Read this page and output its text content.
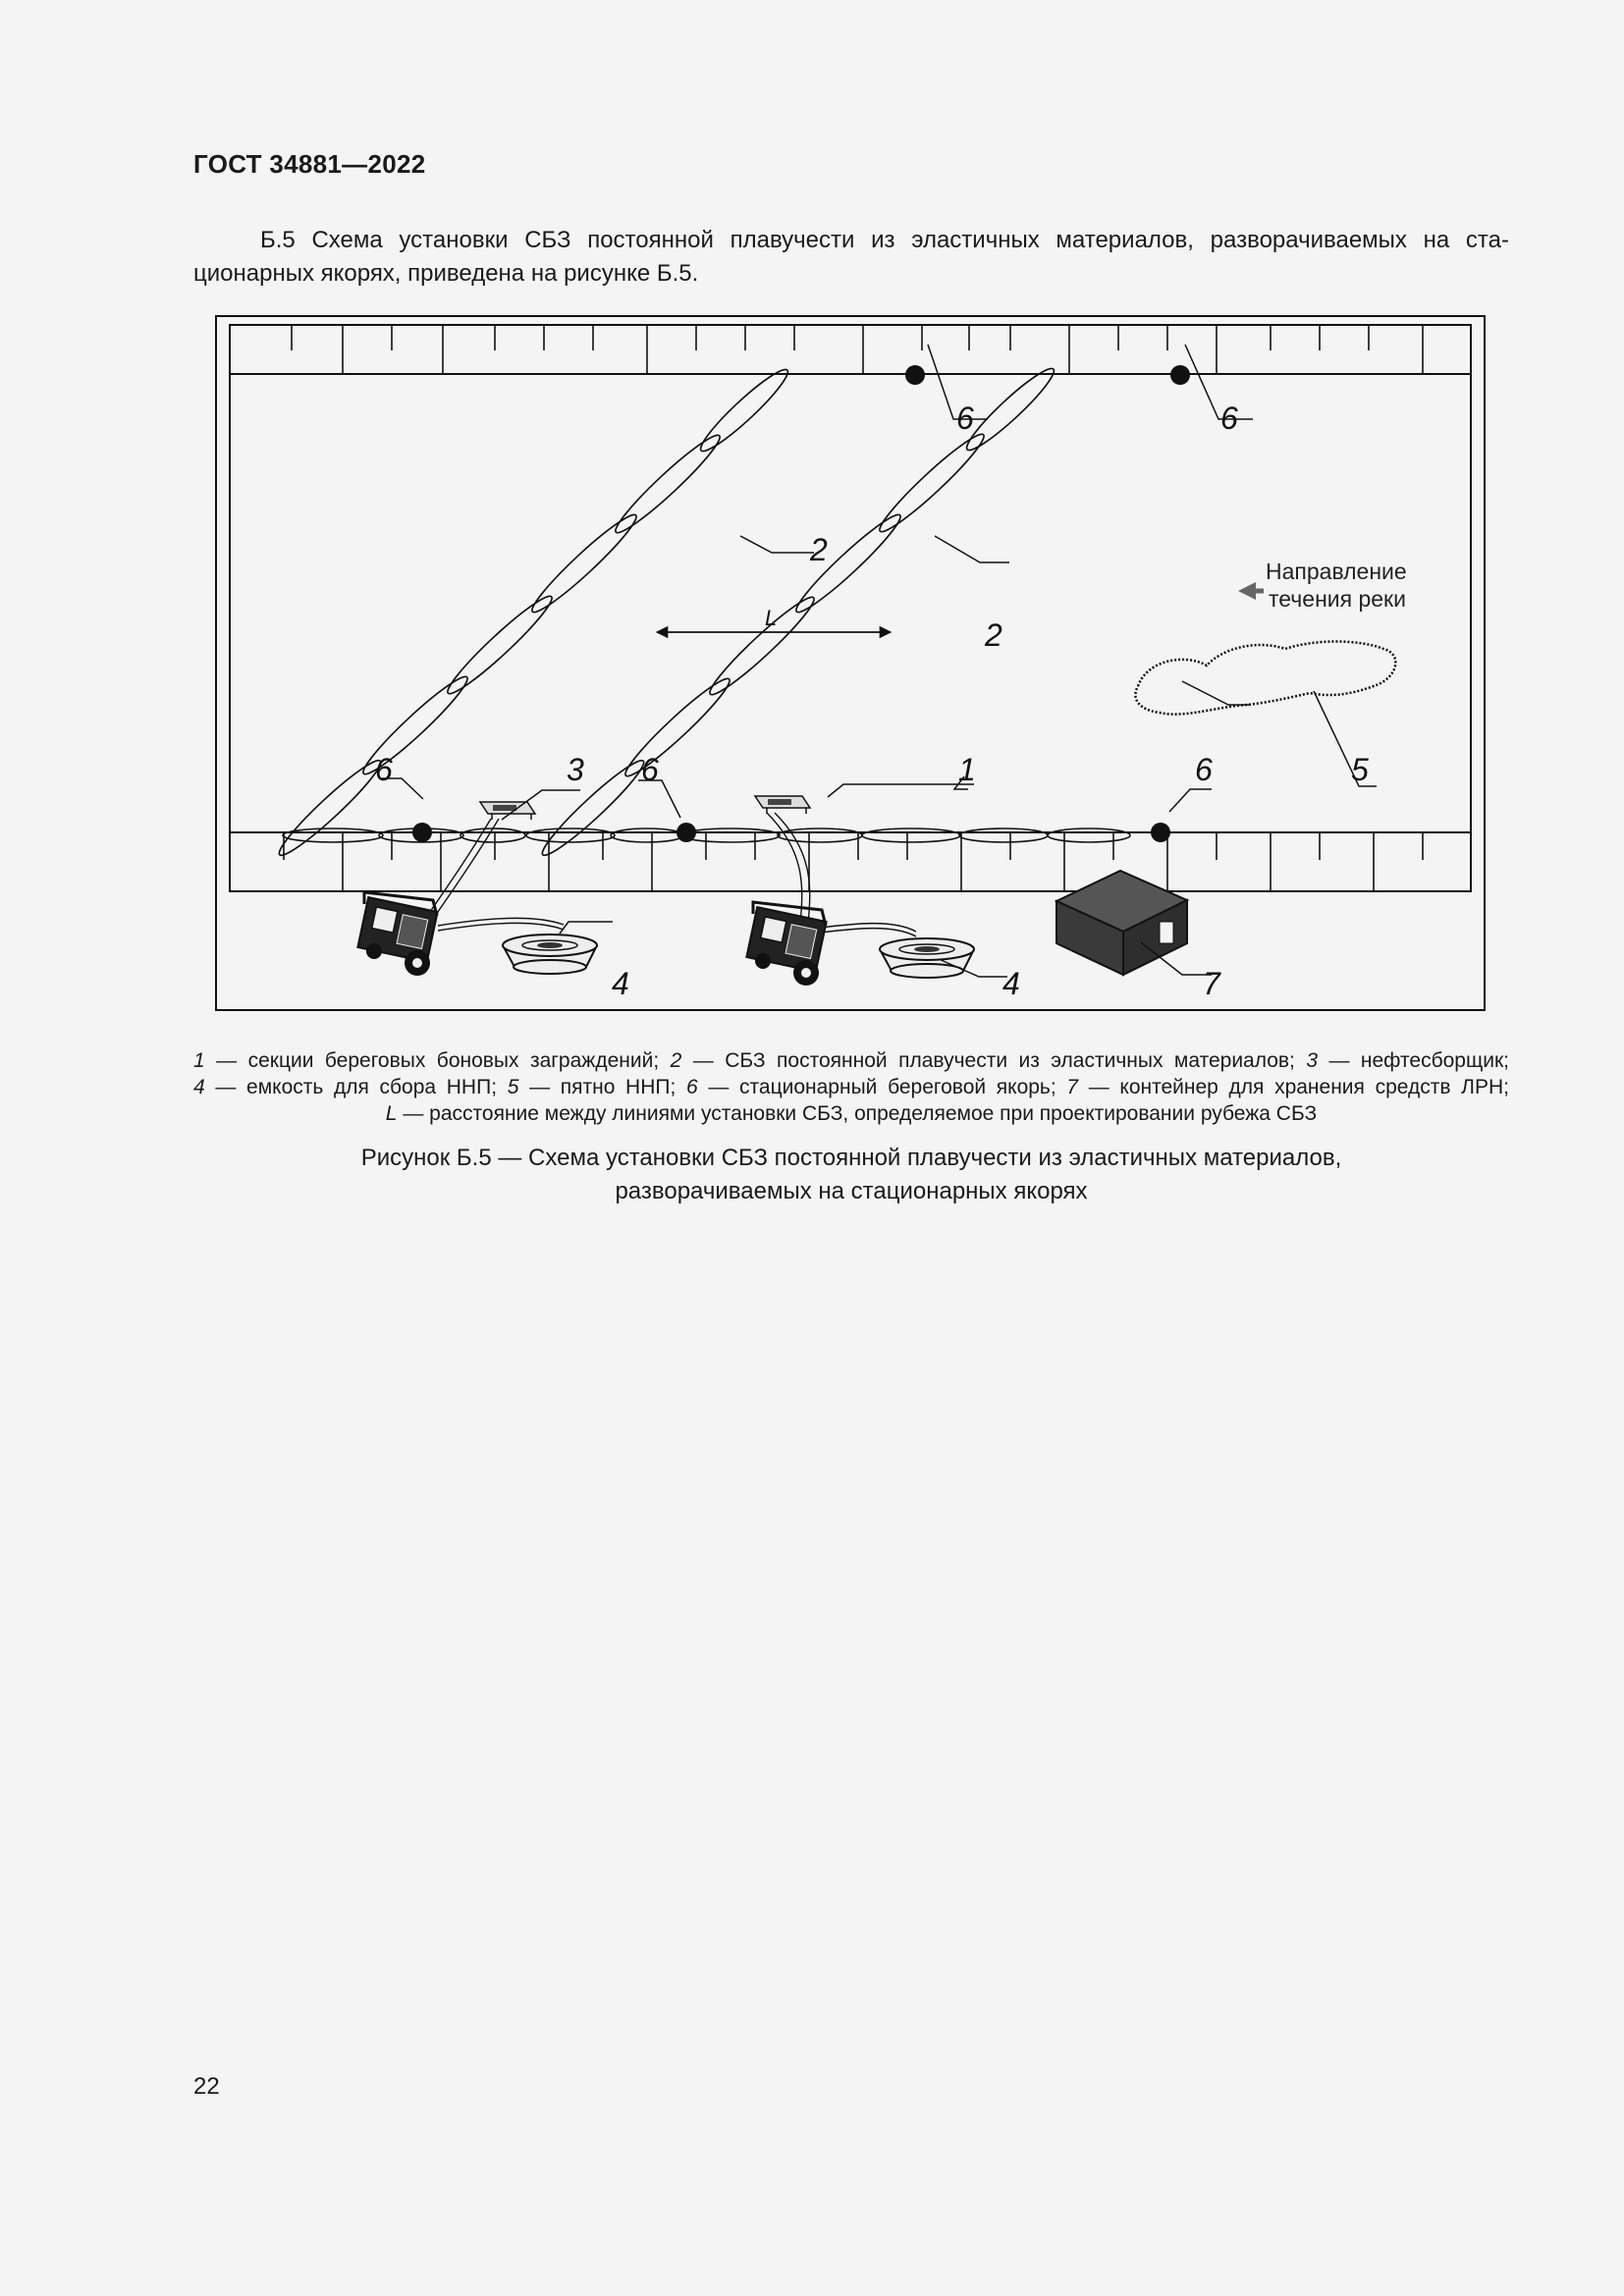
ГОСТ 34881—2022
Б.5 Схема установки СБЗ постоянной плавучести из эластичных материалов, разворачиваемых на ста-
ционарных якорях, приведена на рисунке Б.5.
6	3 6	1	6
6	6
2
2
5
4	4	7
L
Направление
течения реки
1 — секции береговых боновых заграждений; 2 — СБЗ постоянной плавучести из эластичных материалов; 3 — нефтесборщик;
4 — емкость для сбора ННП; 5 — пятно ННП; 6 — стационарный береговой якорь; 7 — контейнер для хранения средств ЛРН;
L — расстояние между линиями установки СБЗ, определяемое при проектировании рубежа СБЗ
Рисунок Б.5 — Схема установки СБЗ постоянной плавучести из эластичных материалов,
разворачиваемых на стационарных якорях
22
